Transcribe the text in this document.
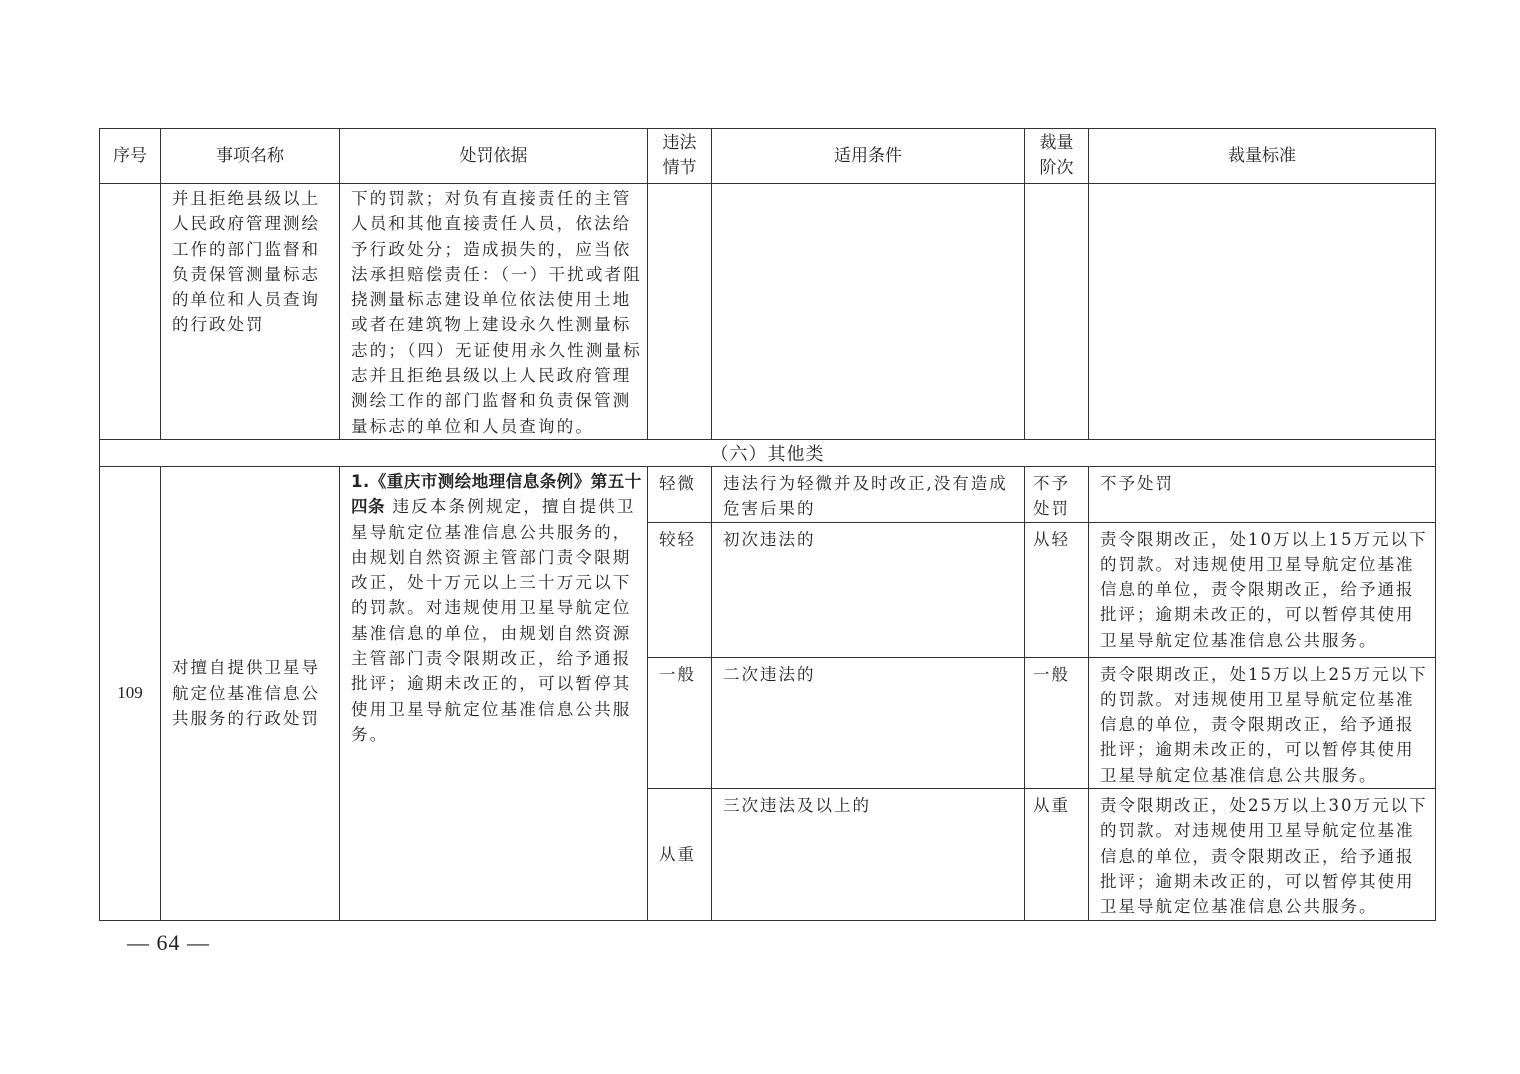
序号	事项名称	处罚依据	违法情节	适用条件	裁量阶次	裁量标准

	并且拒绝县级以上人民政府管理测绘工作的部门监督和负责保管测量标志的单位和人员查询的行政处罚	下的罚款；对负有直接责任的主管人员和其他直接责任人员，依法给予行政处分；造成损失的，应当依法承担赔偿责任：（一）干扰或者阻挠测量标志建设单位依法使用土地或者在建筑物上建设永久性测量标志的；（四）无证使用永久性测量标志并且拒绝县级以上人民政府管理测绘工作的部门监督和负责保管测量标志的单位和人员查询的。				

（六）其他类						
109	对擅自提供卫星导航定位基准信息公共服务的行政处罚	1.《重庆市测绘地理信息条例》第五十四条 违反本条例规定，擅自提供卫星导航定位基准信息公共服务的，由规划自然资源主管部门责令限期改正，处十万元以上三十万元以下的罚款。对违规使用卫星导航定位基准信息的单位，由规划自然资源主管部门责令限期改正，给予通报批评；逾期未改正的，可以暂停其使用卫星导航定位基准信息公共服务。	轻微	违法行为轻微并及时改正,没有造成危害后果的	不予处罚	不予处罚

			较轻	初次违法的	从轻	责令限期改正，处10万以上15万元以下的罚款。对违规使用卫星导航定位基准信息的单位，责令限期改正，给予通报批评；逾期未改正的，可以暂停其使用卫星导航定位基准信息公共服务。

			一般	二次违法的	一般	责令限期改正，处15万以上25万元以下的罚款。对违规使用卫星导航定位基准信息的单位，责令限期改正，给予通报批评；逾期未改正的，可以暂停其使用卫星导航定位基准信息公共服务。

			从重	三次违法及以上的	从重	责令限期改正，处25万以上30万元以下的罚款。对违规使用卫星导航定位基准信息的单位，责令限期改正，给予通报批评；逾期未改正的，可以暂停其使用卫星导航定位基准信息公共服务。
— 64 —
